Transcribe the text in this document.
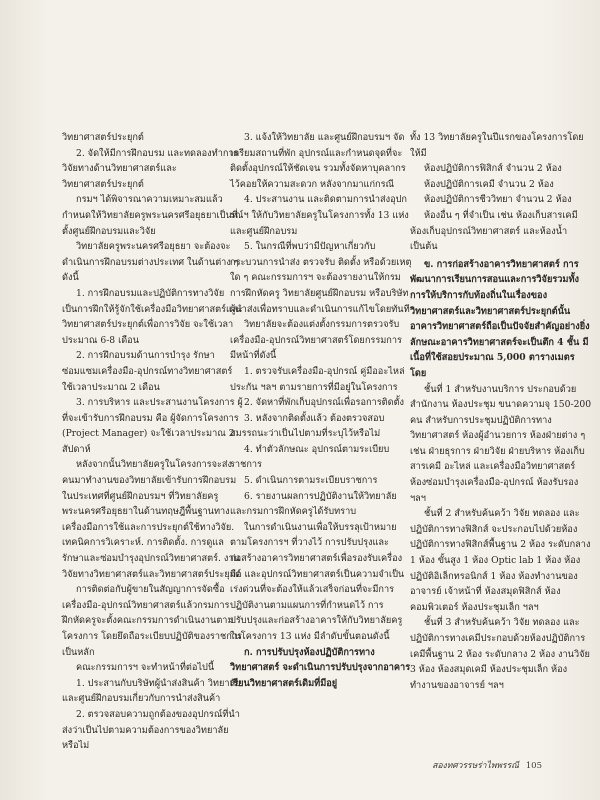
วิทยาศาสตร์ประยุกต์

2. จัดให้มีการฝึกอบรม และทดลองทำการวิจัยทางด้านวิทยาศาสตร์และวิทยาศาสตร์ประยุกต์

กรมฯ ได้พิจารณาความเหมาะสมแล้วกำหนดให้วิทยาลัยครูพระนครศรีอยุธยาเป็นที่ตั้งศูนย์ฝึกอบรมและวิจัย

วิทยาลัยครูพระนครศรีอยุธยา จะต้องจะดำเนินการฝึกอบรมต่างประเทศ ในด้านต่าง ๆ ดังนี้

1. การฝึกอบรมและปฏิบัติการทางวิจัย เป็นการฝึกให้รู้จักใช้เครื่องมือวิทยาศาสตร์และวิทยาศาสตร์ประยุกต์เพื่อการวิจัย จะใช้เวลาประมาณ 6-8 เดือน

2. การฝึกอบรมด้านการบำรุง รักษา ซ่อมแซมเครื่องมือ-อุปกรณ์ทางวิทยาศาสตร์ ใช้เวลาประมาณ 2 เดือน

3. การบริหาร และประสานงานโครงการ ผู้ที่จะเข้ารับการฝึกอบรม คือ ผู้จัดการโครงการ (Project Manager) จะใช้เวลาประมาณ 2 สัปดาห์

หลังจากนั้นวิทยาลัยครูในโครงการจะส่งคนมาทำงานของวิทยาลัยเข้ารับการฝึกอบรมในประเทศที่ศูนย์ฝึกอบรมฯ ที่วิทยาลัยครูพระนครศรีอยุธยาในด้านทฤษฎีพื้นฐานทางเครื่องมือการใช้และการประยุกต์ใช้ทางวิจัย. เทคนิคการวิเคราะห์. การติดตั้ง. การดูแลรักษาและซ่อมบำรุงอุปกรณ์วิทยาศาสตร์. งานวิจัยทางวิทยาศาสตร์และวิทยาศาสตร์ประยุกต์

การติดต่อกับผู้ขายในสัญญาการจัดซื้อเครื่องมือ-อุปกรณ์วิทยาศาสตร์แล้วกรมการฝึกหัดครูจะตั้งคณะกรรมการดำเนินงานตามโครงการ โดยยึดถือระเบียบปฏิบัติของราชการเป็นหลัก

คณะกรรมการฯ จะทำหน้าที่ต่อไปนี้

1. ประสานกับบริษัทผู้นำส่งสินค้า วิทยาลัย และศูนย์ฝึกอบรมเกี่ยวกับการนำส่งสินค้า

2. ตรวจสอบความถูกต้องของอุปกรณ์ที่นำส่งว่าเป็นไปตามความต้องการของวิทยาลัยหรือไม่

3. แจ้งให้วิทยาลัย และศูนย์ฝึกอบรมฯ จัดเตรียมสถานที่พัก อุปกรณ์และกำหนดจุดที่จะติดตั้งอุปกรณ์ให้ชัดเจน รวมทั้งจัดหาบุคลากรไว้คอยให้ความสะดวก หลังจากมาแก่กรณี

4. ประสานงาน และติดตามการนำส่งอุปกรณ์ฯ ให้กับวิทยาลัยครูในโครงการทั้ง 13 แห่ง และศูนย์ฝึกอบรม

5. ในกรณีที่พบว่ามีปัญหาเกี่ยวกับกระบวนการนำส่ง ตรวจรับ ติดตั้ง หรือด้วยเหตุใด ๆ คณะกรรมการฯ จะต้องรายงานให้กรมการฝึกหัดครู วิทยาลัยศูนย์ฝึกอบรม หรือบริษัทผู้นำส่งเพื่อทราบและดำเนินการแก้ไขโดยทันที

วิทยาลัยจะต้องแต่งตั้งกรรมการตรวจรับเครื่องมือ-อุปกรณ์วิทยาศาสตร์โดยกรรมการมีหน้าที่ดังนี้

1. ตรวจรับเครื่องมือ-อุปกรณ์ คู่มืออะไหล่ ประกัน ฯลฯ ตามรายการที่มีอยู่ในโครงการ

2. จัดหาที่พักเก็บอุปกรณ์เพื่อรอการติดตั้ง

3. หลังจากติดตั้งแล้ว ต้องตรวจสอบสมรรถนะว่าเป็นไปตามที่ระบุไว้หรือไม่

4. ทำตัวลักษณะ อุปกรณ์ตามระเบียบราชการ

5. ดำเนินการตามระเบียบราชการ

6. รายงานผลการปฏิบัติงานให้วิทยาลัย และกรมการฝึกหัดครูได้รับทราบ

ในการดำเนินงานเพื่อให้บรรลุเป้าหมายตามโครงการฯ ที่วางไว้ การปรับปรุงและก่อสร้างอาคารวิทยาศาสตร์เพื่อรองรับเครื่องมือ และอุปกรณ์วิทยาศาสตร์เป็นความจำเป็นเร่งด่วนที่จะต้องให้แล้วเสร็จก่อนที่จะมีการปฏิบัติงานตามแผนการที่กำหนดไว้ การปรับปรุงและก่อสร้างอาคารให้กับวิทยาลัยครูในโครงการ 13 แห่ง มีลำดับขั้นตอนดังนี้

ก. การปรับปรุงห้องปฏิบัติการทางวิทยาศาสตร์ จะดำเนินการปรับปรุงจากอาคารเรียนวิทยาศาสตร์เดิมที่มีอยู่

ทั้ง 13 วิทยาลัยครูในปีแรกของโครงการโดยให้มี

ห้องปฏิบัติการฟิสิกส์ จำนวน 2 ห้อง

ห้องปฏิบัติการเคมี จำนวน 2 ห้อง

ห้องปฏิบัติการชีววิทยา จำนวน 2 ห้อง

ห้องอื่น ๆ ที่จำเป็น เช่น ห้องเก็บสารเคมี ห้องเก็บอุปกรณ์วิทยาศาสตร์ และห้องน้ำ เป็นต้น

ข. การก่อสร้างอาคารวิทยาศาสตร์ การพัฒนาการเรียนการสอนและการวิจัยรวมทั้งการให้บริการกับท้องถิ่นในเรื่องของวิทยาศาสตร์และวิทยาศาสตร์ประยุกต์นั้น อาคารวิทยาศาสตร์ถือเป็นปัจจัยสำคัญอย่างยิ่ง ลักษณะอาคารวิทยาศาสตร์จะเป็นตึก 4 ชั้น มีเนื้อที่ใช้สอยประมาณ 5,000 ตารางเมตร โดย

ชั้นที่ 1 สำหรับงานบริการ ประกอบด้วย สำนักงาน ห้องประชุม ขนาดความจุ 150-200 คน สำหรับการประชุมปฏิบัติการทางวิทยาศาสตร์ ห้องผู้อำนวยการ ห้องฝ่ายต่าง ๆ เช่น ฝ่ายธุรการ ฝ่ายวิจัย ฝ่ายบริหาร ห้องเก็บสารเคมี อะไหล่ และเครื่องมือวิทยาศาสตร์ ห้องซ่อมบำรุงเครื่องมือ-อุปกรณ์ ห้องรับรอง ฯลฯ

ชั้นที่ 2 สำหรับค้นคว้า วิจัย ทดลอง และปฏิบัติการทางฟิสิกส์ จะประกอบไปด้วยห้องปฏิบัติการทางฟิสิกส์พื้นฐาน 2 ห้อง ระดับกลาง 1 ห้อง ขั้นสูง 1 ห้อง Optic lab 1 ห้อง ห้องปฏิบัติอิเล็กทรอนิกส์ 1 ห้อง ห้องทำงานของอาจารย์ เจ้าหน้าที่ ห้องสมุดฟิสิกส์ ห้องคอมพิวเตอร์ ห้องประชุมเล็ก ฯลฯ

ชั้นที่ 3 สำหรับค้นคว้า วิจัย ทดลอง และปฏิบัติการทางเคมีประกอบด้วยห้องปฏิบัติการเคมีพื้นฐาน 2 ห้อง ระดับกลาง 2 ห้อง งานวิจัย 3 ห้อง ห้องสมุดเคมี ห้องประชุมเล็ก ห้องทำงานของอาจารย์ ฯลฯ

สองทศวรรษร่าไพพรรณี 105
